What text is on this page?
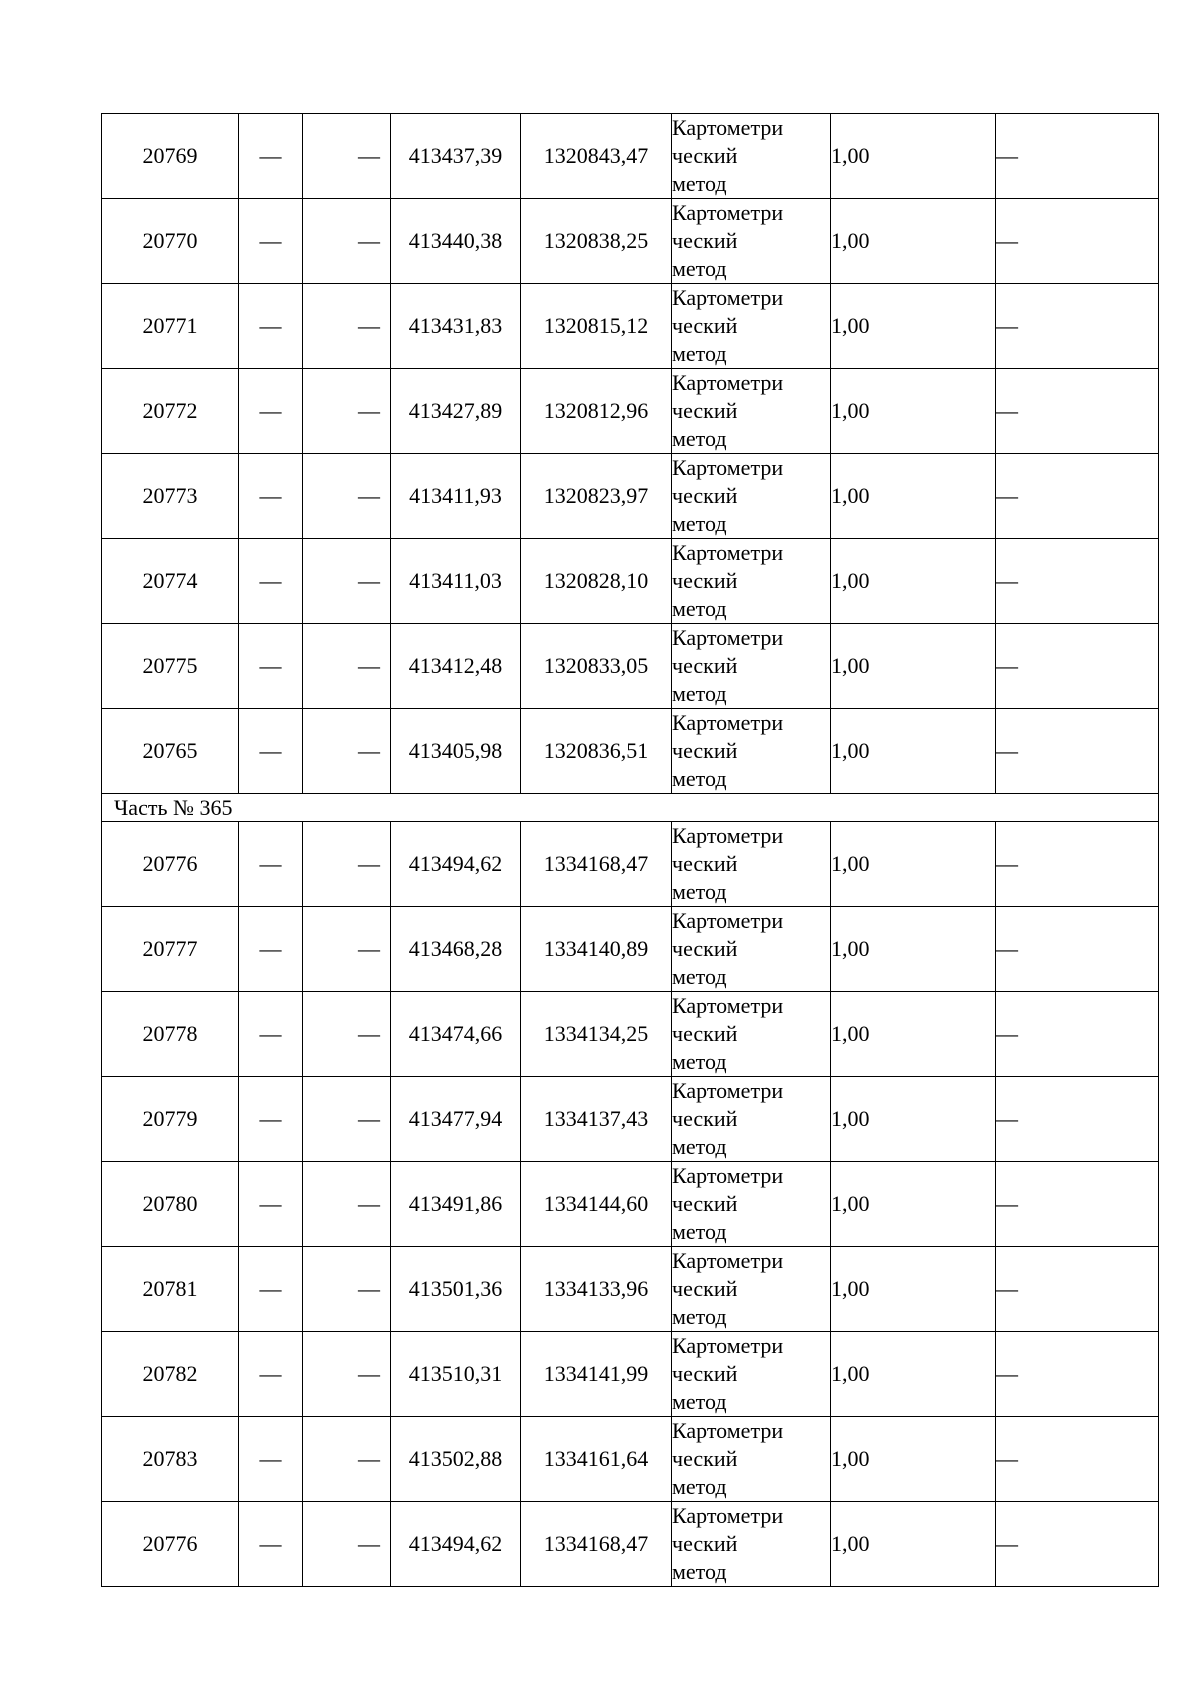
20769	—	—	413437,39	1320843,47	Картометри
ческий
метод	1,00	—
20770	—	—	413440,38	1320838,25	Картометри
ческий
метод	1,00	—
20771	—	—	413431,83	1320815,12	Картометри
ческий
метод	1,00	—
20772	—	—	413427,89	1320812,96	Картометри
ческий
метод	1,00	—
20773	—	—	413411,93	1320823,97	Картометри
ческий
метод	1,00	—
20774	—	—	413411,03	1320828,10	Картометри
ческий
метод	1,00	—
20775	—	—	413412,48	1320833,05	Картометри
ческий
метод	1,00	—
20765	—	—	413405,98	1320836,51	Картометри
ческий
метод	1,00	—
Часть № 365							
20776	—	—	413494,62	1334168,47	Картометри
ческий
метод	1,00	—
20777	—	—	413468,28	1334140,89	Картометри
ческий
метод	1,00	—
20778	—	—	413474,66	1334134,25	Картометри
ческий
метод	1,00	—
20779	—	—	413477,94	1334137,43	Картометри
ческий
метод	1,00	—
20780	—	—	413491,86	1334144,60	Картометри
ческий
метод	1,00	—
20781	—	—	413501,36	1334133,96	Картометри
ческий
метод	1,00	—
20782	—	—	413510,31	1334141,99	Картометри
ческий
метод	1,00	—
20783	—	—	413502,88	1334161,64	Картометри
ческий
метод	1,00	—
20776	—	—	413494,62	1334168,47	Картометри
ческий
метод	1,00	—
